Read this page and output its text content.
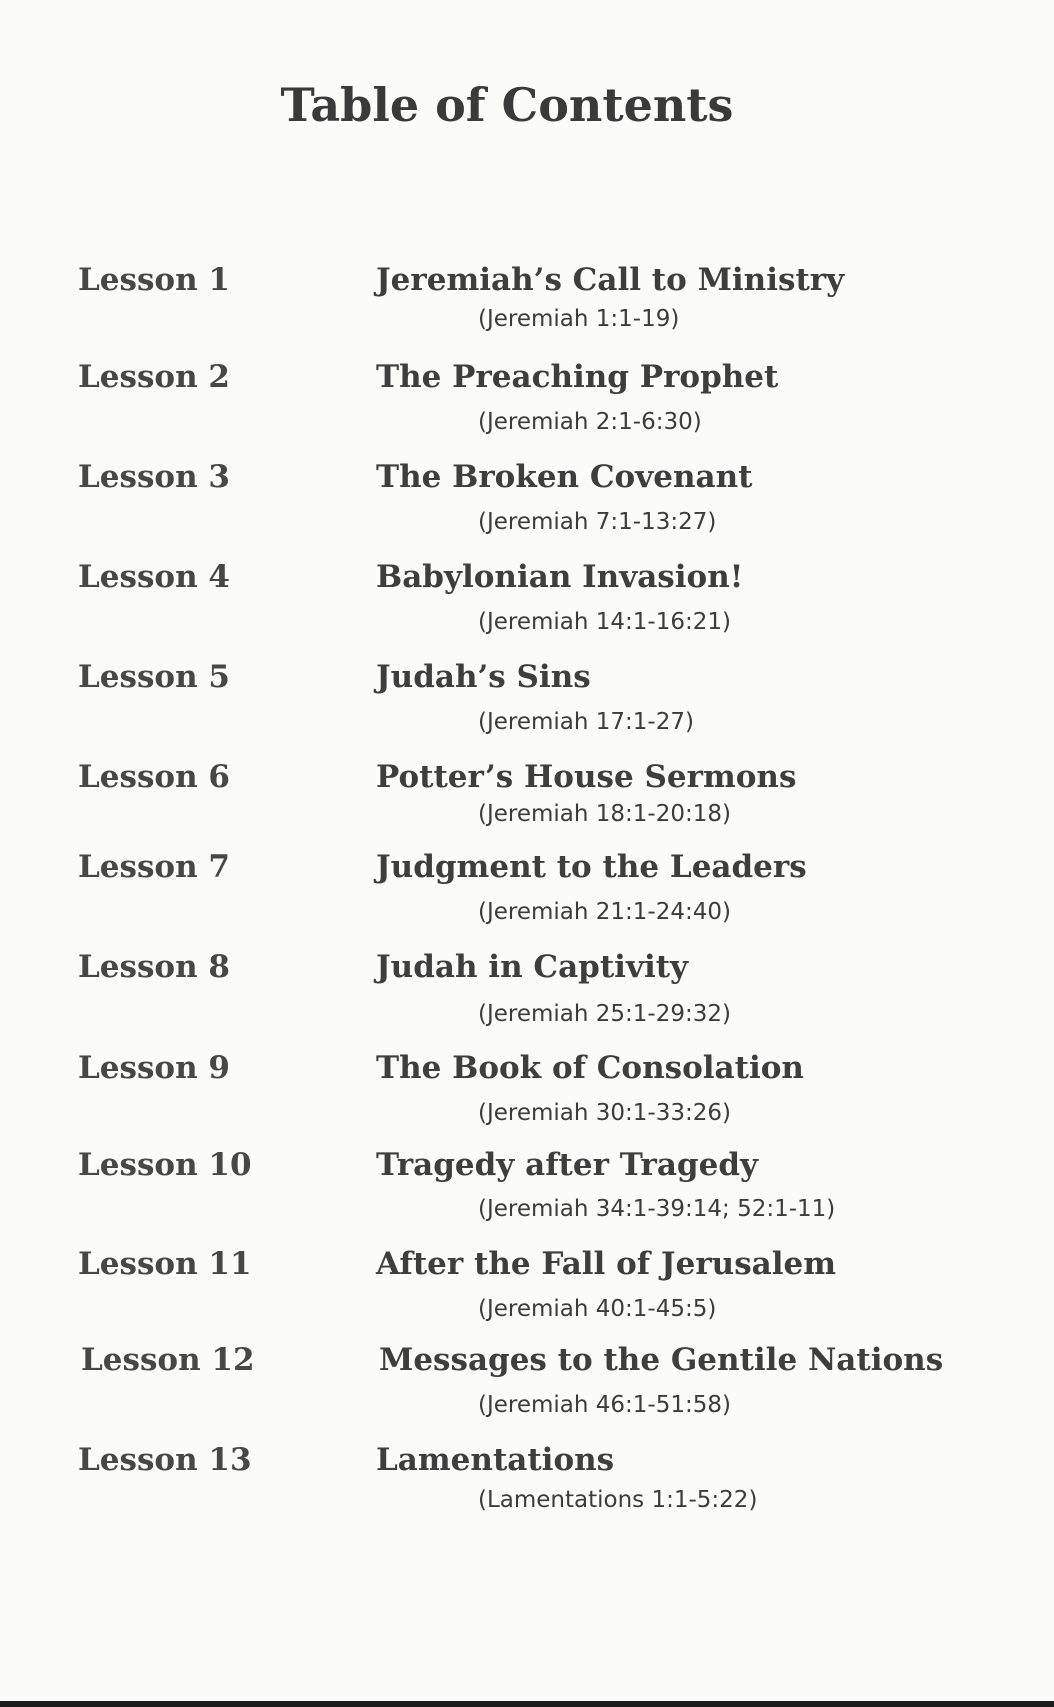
Table of Contents
Lesson 1	Jeremiah’s Call to Ministry
(Jeremiah 1:1-19)
Lesson 2	The Preaching Prophet
(Jeremiah 2:1-6:30)
Lesson 3	The Broken Covenant
(Jeremiah 7:1-13:27)
Lesson 4	Babylonian Invasion!
(Jeremiah 14:1-16:21)
Lesson 5	Judah’s Sins
(Jeremiah 17:1-27)
Lesson 6	Potter’s House Sermons
(Jeremiah 18:1-20:18)
Lesson 7	Judgment to the Leaders
(Jeremiah 21:1-24:40)
Lesson 8	Judah in Captivity
(Jeremiah 25:1-29:32)
Lesson 9	The Book of Consolation
(Jeremiah 30:1-33:26)
Lesson 10	Tragedy after Tragedy
(Jeremiah 34:1-39:14; 52:1-11)
Lesson 11	After the Fall of Jerusalem
(Jeremiah 40:1-45:5)
Lesson 12	Messages to the Gentile Nations
(Jeremiah 46:1-51:58)
Lesson 13	Lamentations
(Lamentations 1:1-5:22)
